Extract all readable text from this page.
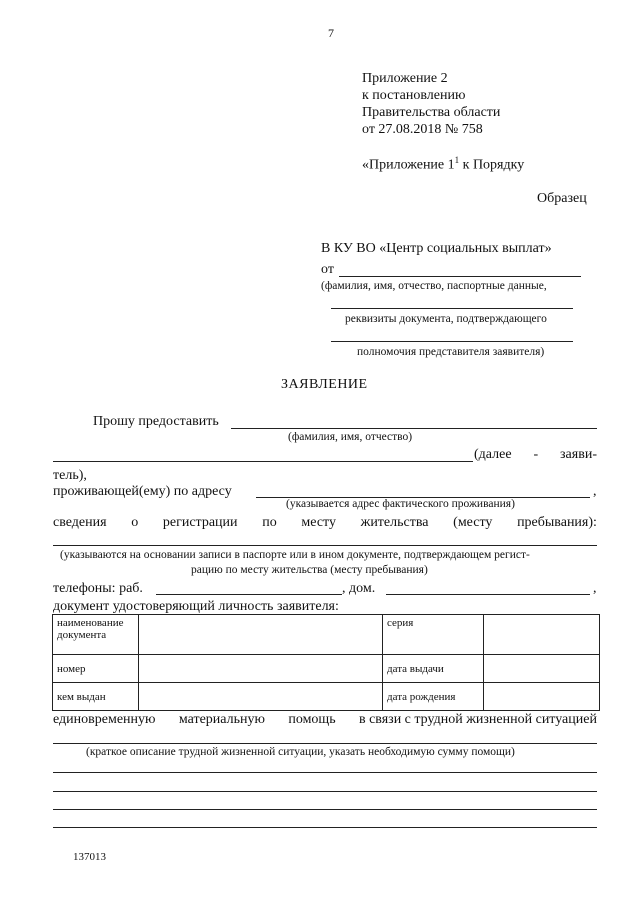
7
Приложение 2
к постановлению
Правительства области
от 27.08.2018 № 758
«Приложение $1^1$ к Порядку
Образец
В КУ ВО «Центр социальных выплат»
от
(фамилия, имя, отчество, паспортные данные,
реквизиты документа, подтверждающего
полномочия представителя заявителя)
ЗАЯВЛЕНИЕ
Прошу предоставить
(фамилия, имя, отчество)
(далее - заяви-
тель),
проживающей(ему) по адресу	,
(указывается адрес фактического проживания)
сведения о регистрации по месту жительства (месту пребывания):
(указываются на основании записи в паспорте или в ином документе, подтверждающем регист-
рацию по месту жительства (месту пребывания)
телефоны: раб.	, дом.	,
документ удостоверяющий личность заявителя:
наименование документа		серия	
номер		дата выдачи	
кем выдан		дата рождения	
единовременную материальную помощь в связи с трудной жизненной ситуацией
(краткое описание трудной жизненной ситуации, указать необходимую сумму помощи)
137013
